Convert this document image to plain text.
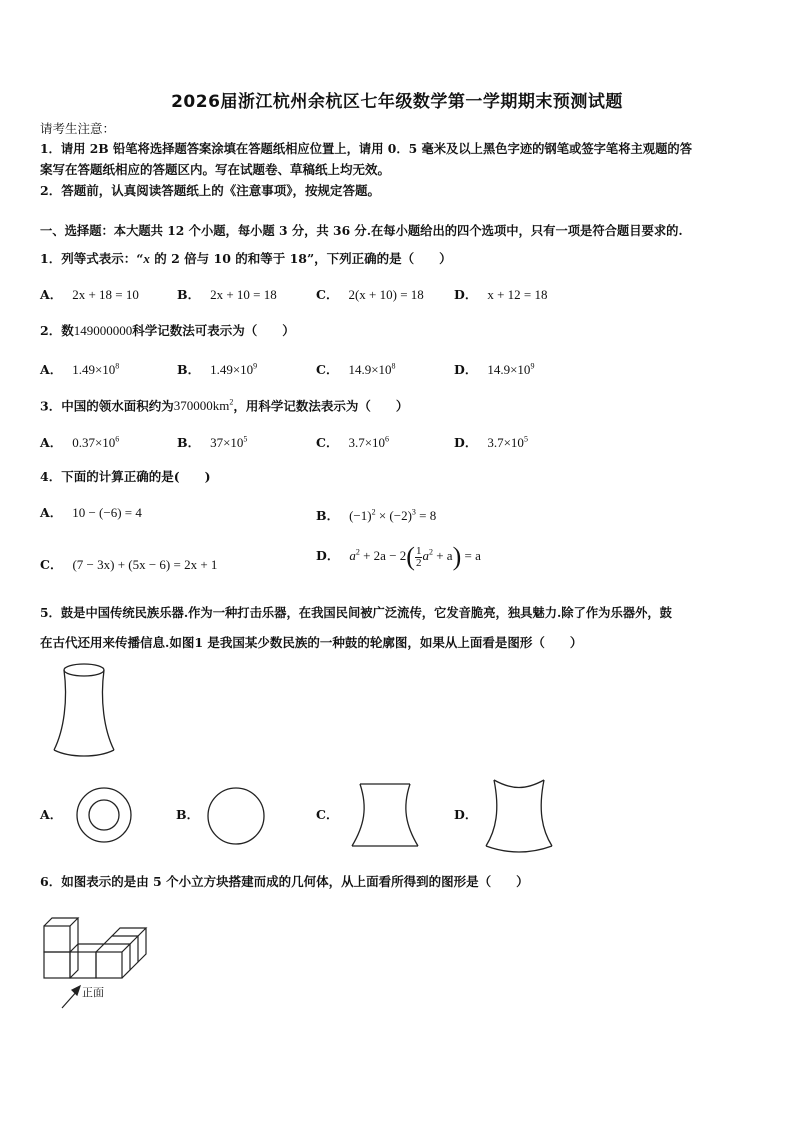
2026届浙江杭州余杭区七年级数学第一学期期末预测试题
请考生注意：
1．请用 2B 铅笔将选择题答案涂填在答题纸相应位置上，请用 0．5 毫米及以上黑色字迹的钢笔或签字笔将主观题的答
案写在答题纸相应的答题区内。写在试题卷、草稿纸上均无效。
2．答题前，认真阅读答题纸上的《注意事项》，按规定答题。
一、选择题：本大题共 12 个小题，每小题 3 分，共 36 分.在每小题给出的四个选项中，只有一项是符合题目要求的.
1．列等式表示：“x 的 2 倍与 10 的和等于 18”，下列正确的是（　　）
A． 2x + 18 = 10	B． 2x + 10 = 18	C． 2(x + 10) = 18 D． x + 12 = 18
2．数149000000科学记数法可表示为（　　）
A． $1.49\times 10^8$	B． $1.49\times 10^9$	C． $14.9\times 10^8$	D． $14.9\times 10^9$
3．中国的领水面积约为$370000km^2$，用科学记数法表示为（　　）
A． $0.37\times 10^6$	B． $37\times 10^5$	C． $3.7\times 10^6$	D． $3.7\times 10^5$
4．下面的计算正确的是(　　)
A． 10 − (−6) = 4	B． $(-1)^2 \times (-2)^3 = 8$
C． (7 − 3x) + (5x − 6) = 2x + 1
D． $a^2 + 2a - 2( \frac{1}{2} a^2 + a) = a$
5．鼓是中国传统民族乐器.作为一种打击乐器，在我国民间被广泛流传，它发音脆亮，独具魅力.除了作为乐器外，鼓
在古代还用来传播信息.如图1 是我国某少数民族的一种鼓的轮廓图，如果从上面看是图形（　　）
A．	B．	C．	D．
6．如图表示的是由 5 个小立方块搭建而成的几何体，从上面看所得到的图形是（　　）
正面
